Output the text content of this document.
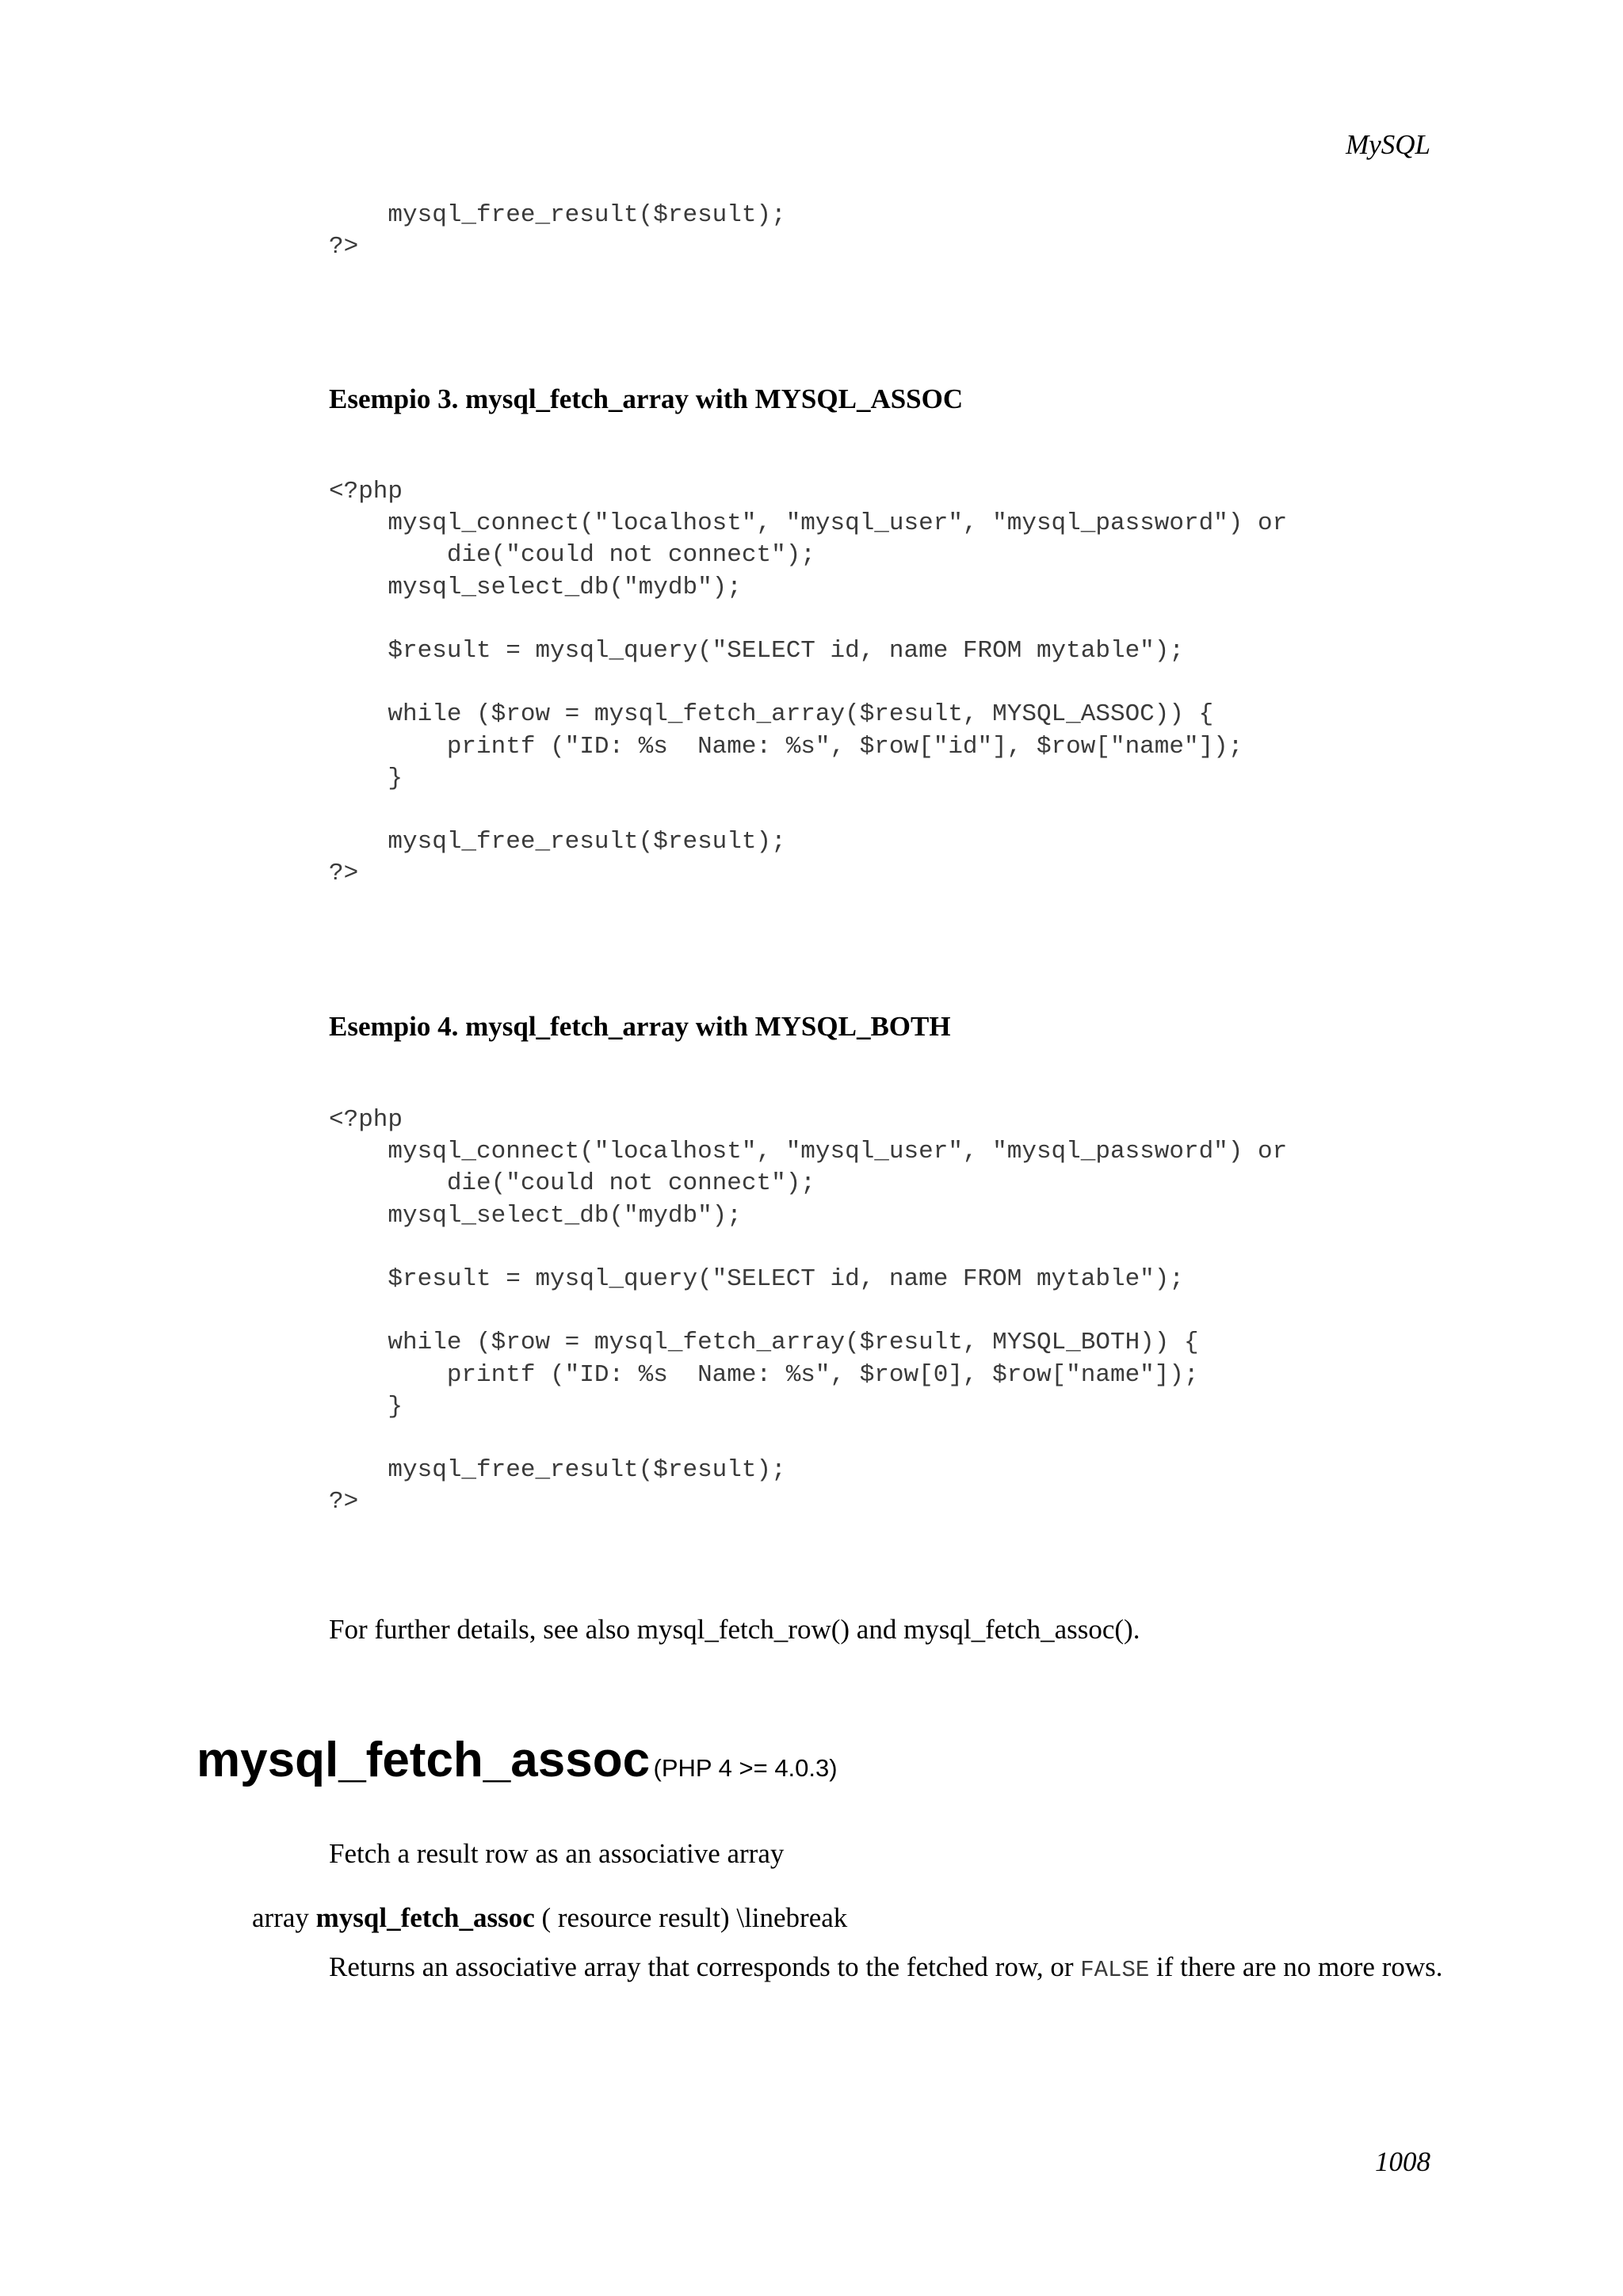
MySQL
mysql_free_result($result);
?>
Esempio 3. mysql_fetch_array with MYSQL_ASSOC
<?php
mysql_connect("localhost", "mysql_user", "mysql_password") or
die("could not connect");
mysql_select_db("mydb");

$result = mysql_query("SELECT id, name FROM mytable");

while ($row = mysql_fetch_array($result, MYSQL_ASSOC)) {
printf ("ID: %s  Name: %s", $row["id"], $row["name"]);
}

mysql_free_result($result);
?>
Esempio 4. mysql_fetch_array with MYSQL_BOTH
<?php
mysql_connect("localhost", "mysql_user", "mysql_password") or
die("could not connect");
mysql_select_db("mydb");

$result = mysql_query("SELECT id, name FROM mytable");

while ($row = mysql_fetch_array($result, MYSQL_BOTH)) {
printf ("ID: %s  Name: %s", $row[0], $row["name"]);
}

mysql_free_result($result);
?>
For further details, see also mysql_fetch_row() and mysql_fetch_assoc().
mysql_fetch_assoc (PHP 4 >= 4.0.3)
Fetch a result row as an associative array
array mysql_fetch_assoc ( resource result) \linebreak
Returns an associative array that corresponds to the fetched row, or FALSE if there are no more rows.
1008
